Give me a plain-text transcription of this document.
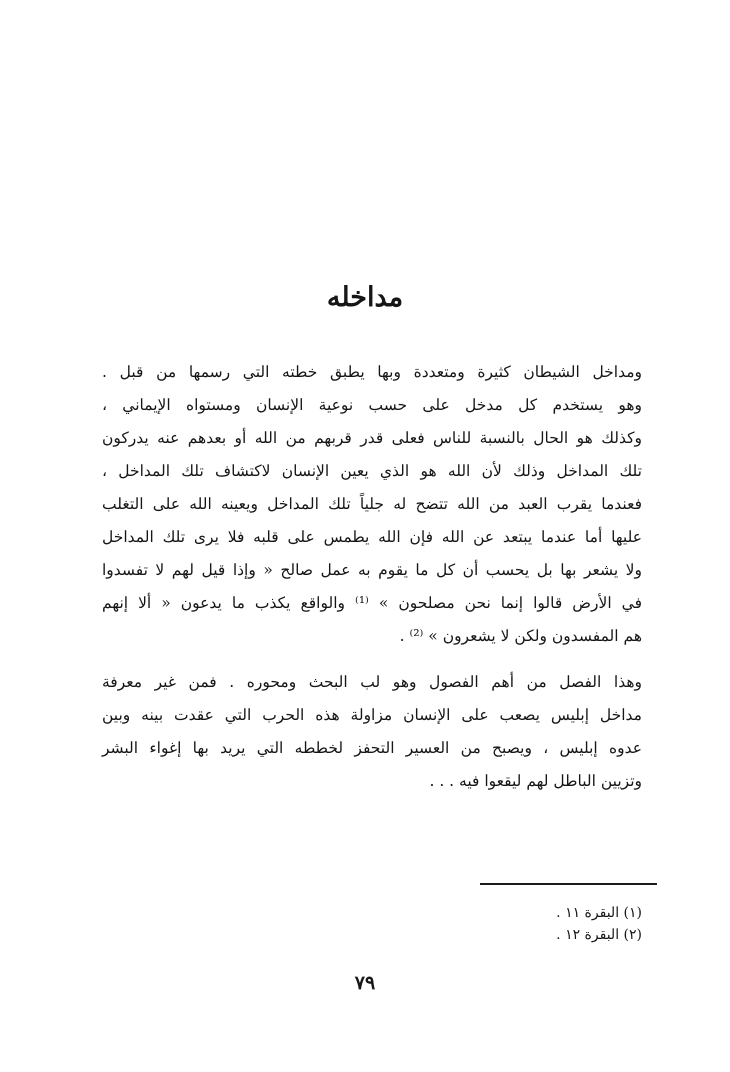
مداخله
ومداخل الشيطان كثيرة ومتعددة وبها يطبق خطته التي رسمها من قبل .
وهو يستخدم كل مدخل على حسب نوعية الإنسان ومستواه الإيماني ،
وكذلك هو الحال بالنسبة للناس فعلى قدر قربهم من الله أو بعدهم عنه يدركون
تلك المداخل وذلك لأن الله هو الذي يعين الإنسان لاكتشاف تلك المداخل ،
فعندما يقرب العبد من الله تتضح له جلياً تلك المداخل ويعينه الله على التغلب
عليها أما عندما يبتعد عن الله فإن الله يطمس على قلبه فلا يرى تلك المداخل
ولا يشعر بها بل يحسب أن كل ما يقوم به عمل صالح « وإذا قيل لهم لا تفسدوا
في الأرض قالوا إنما نحن مصلحون » ⁽¹⁾ والواقع يكذب ما يدعون « ألا إنهم
هم المفسدون ولكن لا يشعرون » ⁽²⁾ .
وهذا الفصل من أهم الفصول وهو لب البحث ومحوره . فمن غير معرفة
مداخل إبليس يصعب على الإنسان مزاولة هذه الحرب التي عقدت بينه وبين
عدوه إبليس ، ويصبح من العسير التحفز لخططه التي يريد بها إغواء البشر
وتزيين الباطل لهم ليقعوا فيه . . .
(١) البقرة ١١ .
(٢) البقرة ١٢ .
٧٩
